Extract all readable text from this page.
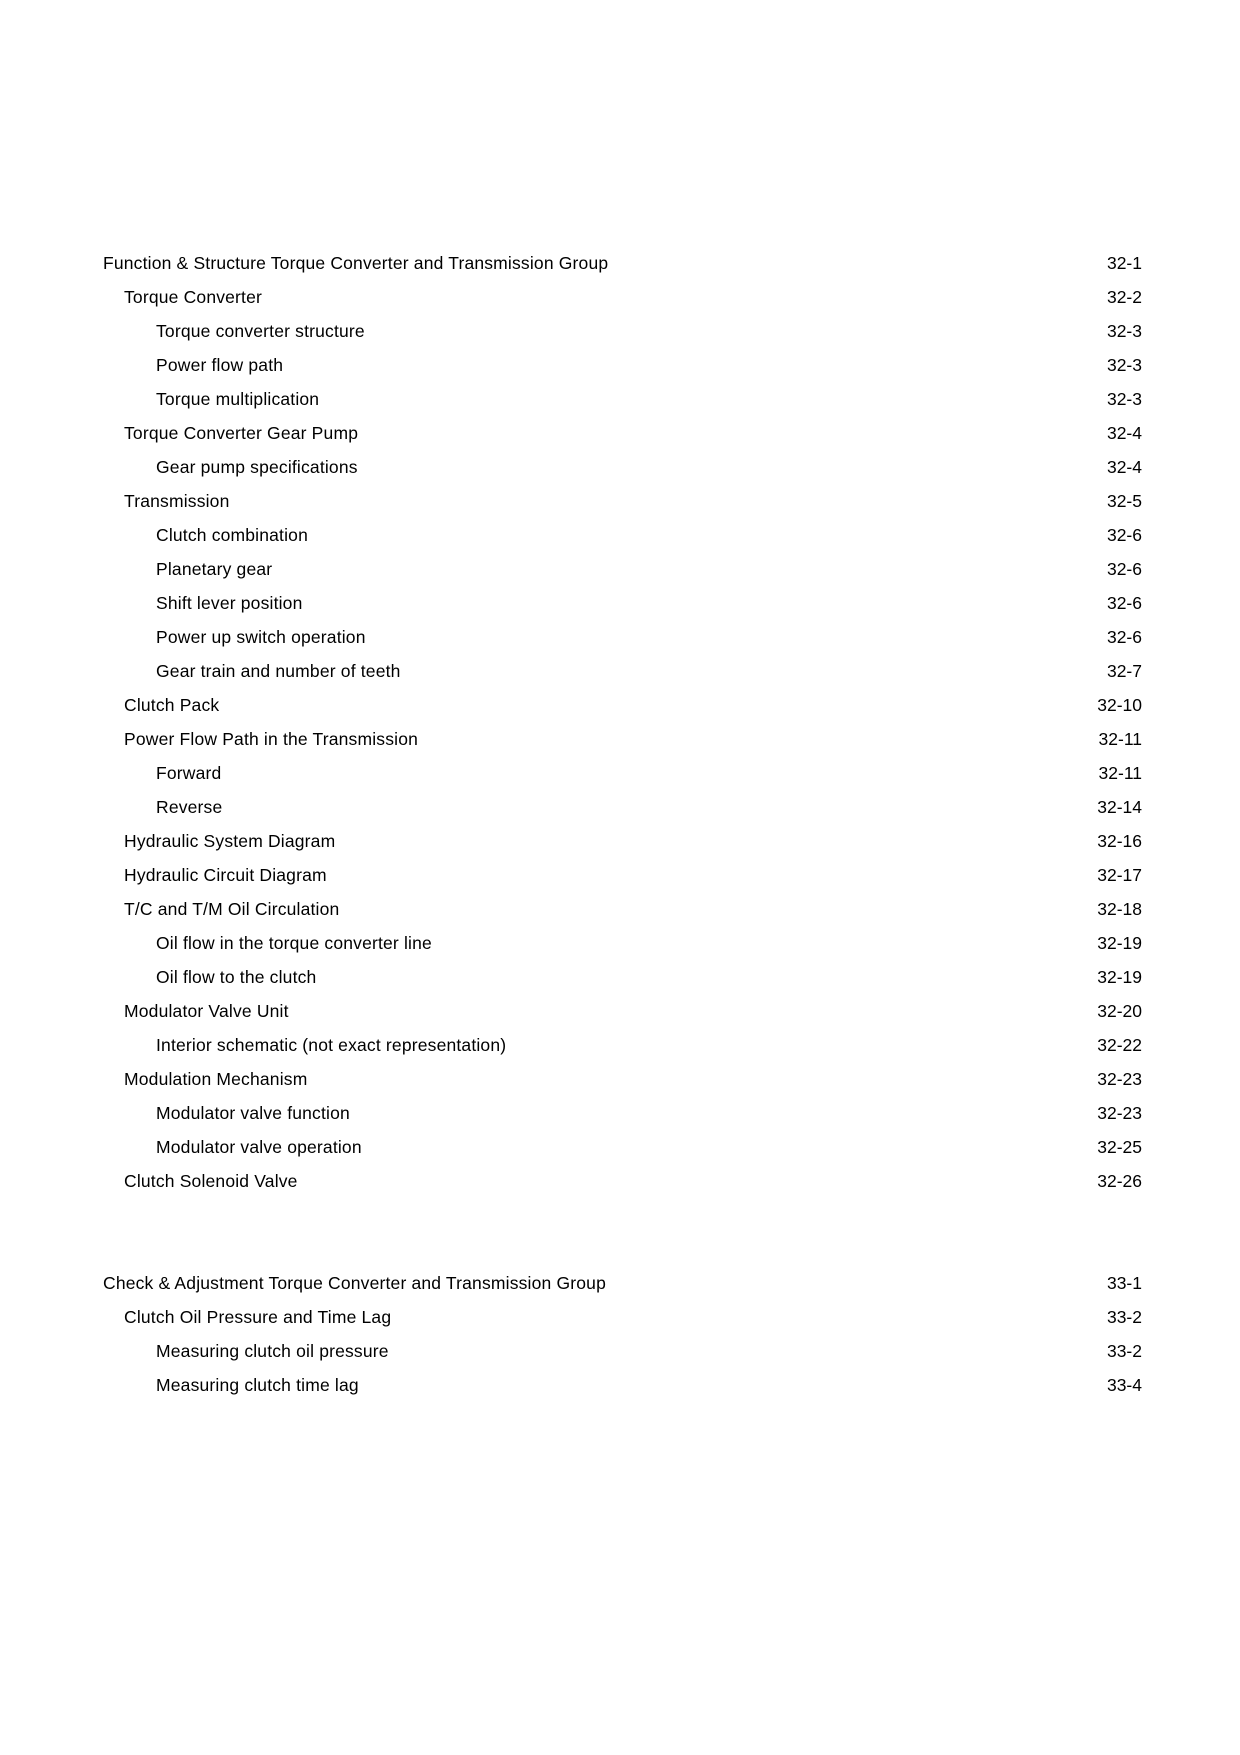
Function & Structure Torque Converter and Transmission Group . . .	32-1
Torque Converter . . .	32-2
Torque converter structure . . .	32-3
Power flow path . . .	32-3
Torque multiplication . . .	32-3
Torque Converter Gear Pump . . .	32-4
Gear pump specifications . . .	32-4
Transmission . . .	32-5
Clutch combination . . .	32-6
Planetary gear . . .	32-6
Shift lever position . . .	32-6
Power up switch operation . . .	32-6
Gear train and number of teeth . . .	32-7
Clutch Pack . . .	32-10
Power Flow Path in the Transmission . . .	32-11
Forward . . .	32-11
Reverse . . .	32-14
Hydraulic System Diagram . . .	32-16
Hydraulic Circuit Diagram . . .	32-17
T/C and T/M Oil Circulation . . .	32-18
Oil flow in the torque converter line . . .	32-19
Oil flow to the clutch . . .	32-19
Modulator Valve Unit . . .	32-20
Interior schematic (not exact representation) . . .	32-22
Modulation Mechanism . . .	32-23
Modulator valve function . . .	32-23
Modulator valve operation . . .	32-25
Clutch Solenoid Valve . . .	32-26
Check & Adjustment Torque Converter and Transmission Group . . .	33-1
Clutch Oil Pressure and Time Lag . . .	33-2
Measuring clutch oil pressure . . .	33-2
Measuring clutch time lag . . .	33-4
